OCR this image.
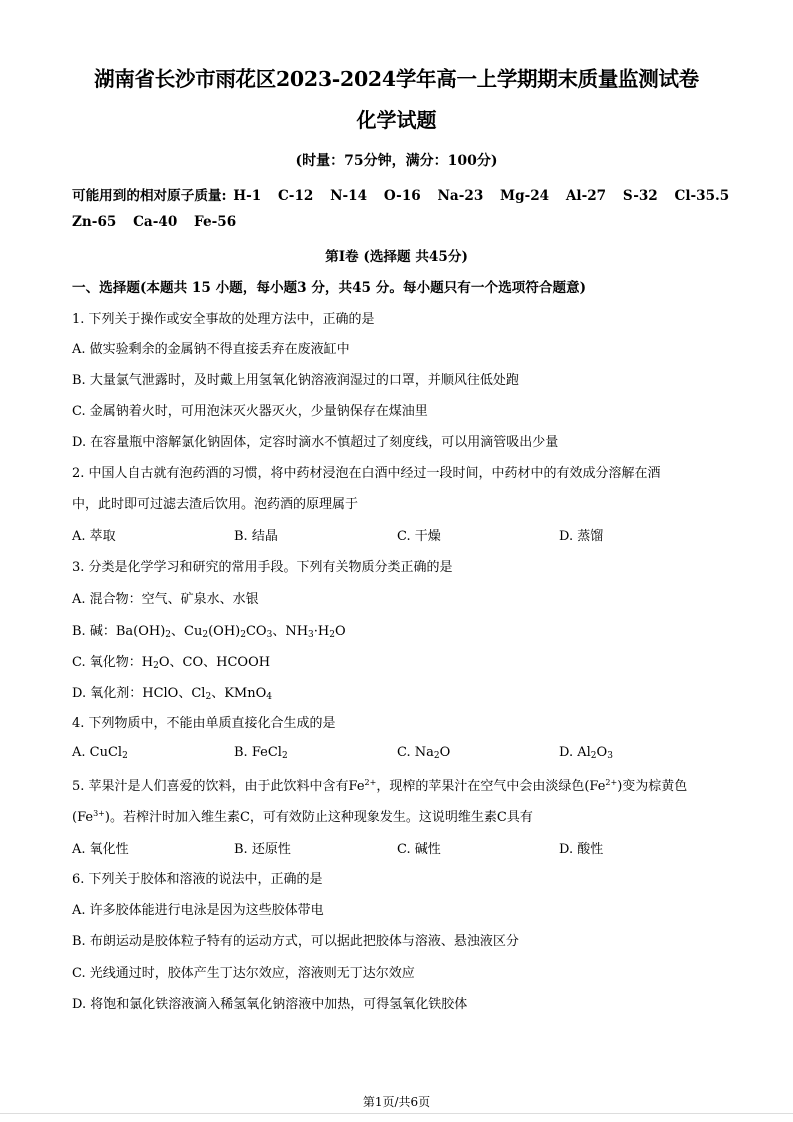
湖南省长沙市雨花区2023-2024学年高一上学期期末质量监测试卷
化学试题
(时量：75分钟，满分：100分)
可能用到的相对原子质量: H-1 C-12 N-14 O-16 Na-23 Mg-24 Al-27 S-32 Cl-35.5
Zn-65 Ca-40 Fe-56
第Ⅰ卷 (选择题 共45分)
一、选择题(本题共 15 小题，每小题3 分，共45 分。每小题只有一个选项符合题意)
1. 下列关于操作或安全事故的处理方法中，正确的是
A. 做实验剩余的金属钠不得直接丢弃在废液缸中
B. 大量氯气泄露时，及时戴上用氢氧化钠溶液润湿过的口罩，并顺风往低处跑
C. 金属钠着火时，可用泡沫灭火器灭火，少量钠保存在煤油里
D. 在容量瓶中溶解氯化钠固体，定容时滴水不慎超过了刻度线，可以用滴管吸出少量
2. 中国人自古就有泡药酒的习惯，将中药材浸泡在白酒中经过一段时间，中药材中的有效成分溶解在酒
中，此时即可过滤去渣后饮用。泡药酒的原理属于
A. 萃取	B. 结晶	C. 干燥	D. 蒸馏
3. 分类是化学学习和研究的常用手段。下列有关物质分类正确的是
A. 混合物：空气、矿泉水、水银
B. 碱：$Ba(OH)_2$、$Cu_2(OH)_2CO_3$、$NH_3\cdot H_2O$
C. 氧化物：$H_2O$、CO、HCOOH
D. 氧化剂：HClO、$Cl_2$、KMnO$_4$
4. 下列物质中，不能由单质直接化合生成的是
A. CuCl$_2$	B. FeCl$_2$	C. $Na_2O$	D. $Al_2O_3$
5. 苹果汁是人们喜爱的饮料，由于此饮料中含有$Fe^{2+}$，现榨的苹果汁在空气中会由淡绿色$(Fe^{2+})$变为棕黄色
$(Fe^{3+})$。若榨汁时加入维生素C，可有效防止这种现象发生。这说明维生素C具有
A. 氧化性	B. 还原性	C. 碱性	D. 酸性
6. 下列关于胶体和溶液的说法中，正确的是
A. 许多胶体能进行电泳是因为这些胶体带电
B. 布朗运动是胶体粒子特有的运动方式，可以据此把胶体与溶液、悬浊液区分
C. 光线通过时，胶体产生丁达尔效应，溶液则无丁达尔效应
D. 将饱和氯化铁溶液滴入稀氢氧化钠溶液中加热，可得氢氧化铁胶体
第1页/共6页
